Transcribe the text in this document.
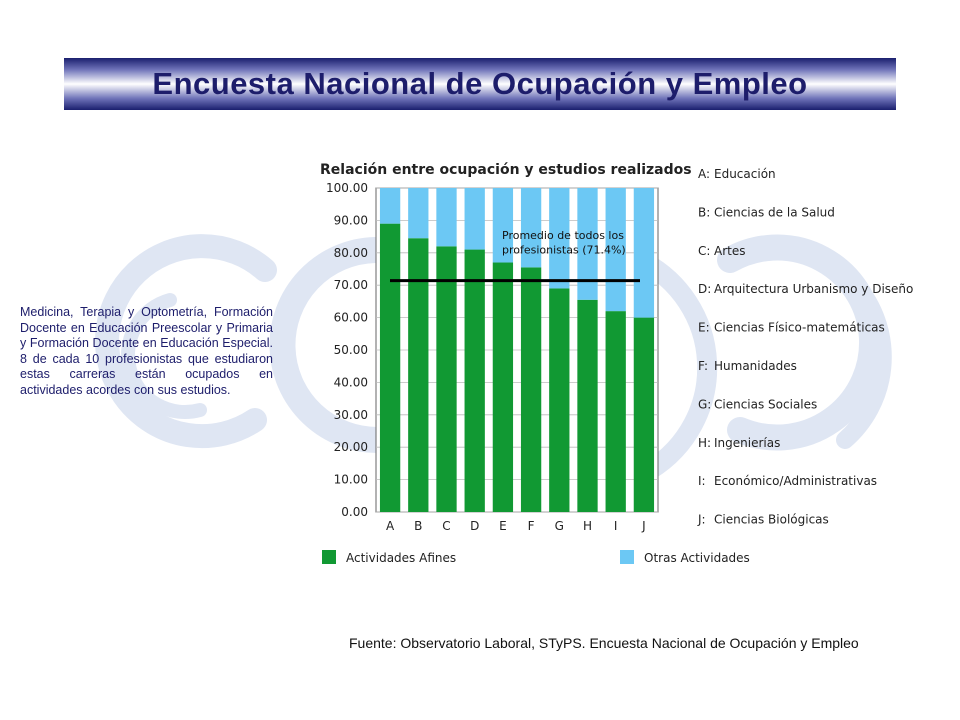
Encuesta Nacional de Ocupación y Empleo

Medicina, Terapia y Optometría, Formación Docente en Educación Preescolar y Primaria y Formación Docente en Educación Especial. 8 de cada 10 profesionistas que estudiaron estas carreras están ocupados en actividades acordes con sus estudios.

Relación entre ocupación y estudios realizados
Promedio de todos los
profesionistas (71.4%)
100.00
90.00
80.00
70.00
60.00
50.00
40.00
30.00
20.00
10.00
0.00
A B C D E F G H I J
A: Educación
B: Ciencias de la Salud
C: Artes
D: Arquitectura Urbanismo y Diseño
E: Ciencias Físico-matemáticas
F: Humanidades
G: Ciencias Sociales
H: Ingenierías
I: Económico/Administrativas
J: Ciencias Biológicas
Actividades Afines	Otras Actividades
Fuente: Observatorio Laboral, STyPS. Encuesta Nacional de Ocupación y Empleo
